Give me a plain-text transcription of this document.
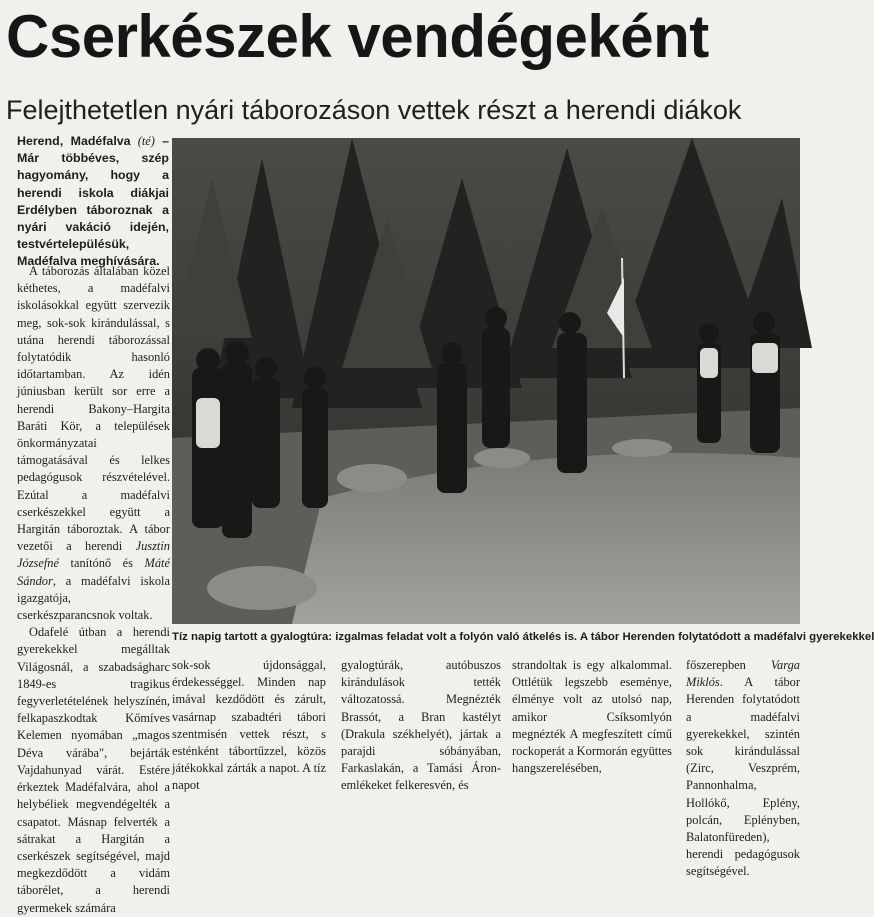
Cserkészek vendégeként
Felejthetetlen nyári táborozáson vettek részt a herendi diákok

Herend, Madéfalva (té) – Már többéves, szép hagyomány, hogy a herendi iskola diákjai Erdélyben táboroznak a nyári vakáció idején, testvértelepülésük, Madéfalva meghívására.

A táborozás általában közel kéthetes, a madéfalvi iskolásokkal együtt szervezik meg, sok-sok kirándulással, s utána herendi táborozással folytatódik hasonló időtartamban. Az idén júniusban került sor erre a herendi Bakony–Hargita Baráti Kör, a települések önkormányzatai támogatásával és lelkes pedagógusok részvételével. Ezútal a madéfalvi cserkészekkel együtt a Hargitán táboroztak. A tábor vezetői a herendi Jusztin Józsefné tanítónő és Máté Sándor, a madéfalvi iskola igazgatója, cserkészparancsnok voltak.

Odafelé útban a herendi gyerekekkel megálltak Világosnál, a szabadságharc 1849-es tragikus fegyverletételének helyszínén, felkapaszkodtak Kőmíves Kelemen nyomában „magos Déva várába", bejárták Vajdahunyad várát. Estére érkeztek Madéfalvára, ahol a helybéliek megvendégelték a csapatot. Másnap felverték a sátrakat a Hargitán a cserkészek segítségével, majd megkezdődött a vidám táborélet, a herendi gyermekek számára

Tíz napig tartott a gyalogtúra: izgalmas feladat volt a folyón való átkelés is. A tábor Herenden folytatódott a madéfalvi gyerekekkel

sok-sok újdonsággal, érdekességgel. Minden nap imával kezdődött és zárult, vasárnap szabadtéri tábori szentmisén vettek részt, s esténként tábortűzzel, közös játékokkal zárták a napot. A tíz napot

gyalogtúrák, autóbuszos kirándulások tették változatossá. Megnézték Brassót, a Bran kastélyt (Drakula székhelyét), jártak a parajdi sóbányában, Farkaslakán, a Tamási Áron-emlékeket felkeresvén, és

strandoltak is egy alkalommal. Ottlétük legszebb eseménye, élménye volt az utolsó nap, amikor Csíksomlyón megnézték A megfeszített című rockoperát a Kormorán együttes hangszerelésében,

főszerepben Varga Miklós. A tábor Herenden folytatódott a madéfalvi gyerekekkel, szintén sok kirándulással (Zirc, Veszprém, Pannonhalma, Hollókő, Eplény, polcán, Eplényben, Balatonfüreden), herendi pedagógusok segítségével.
